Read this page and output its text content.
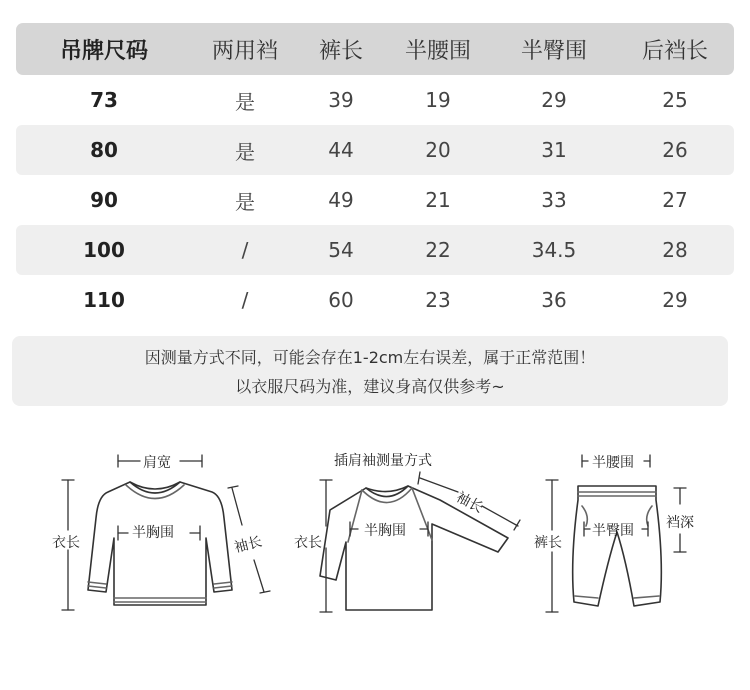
吊牌尺码	两用裆	裤长	半腰围	半臀围	后裆长
73	是	39	19	29	25
80	是	44	20	31	26
90	是	49	21	33	27
100	/	54	22	34.5	28
110	/	60	23	36	29
因测量方式不同，可能会存在1-2cm左右误差，属于正常范围！
以衣服尺码为准，建议身高仅供参考~
肩宽
衣长
半胸围
袖长
插肩袖测量方式
衣长
半胸围
袖长
半腰围
裤长
半臀围 裆深
